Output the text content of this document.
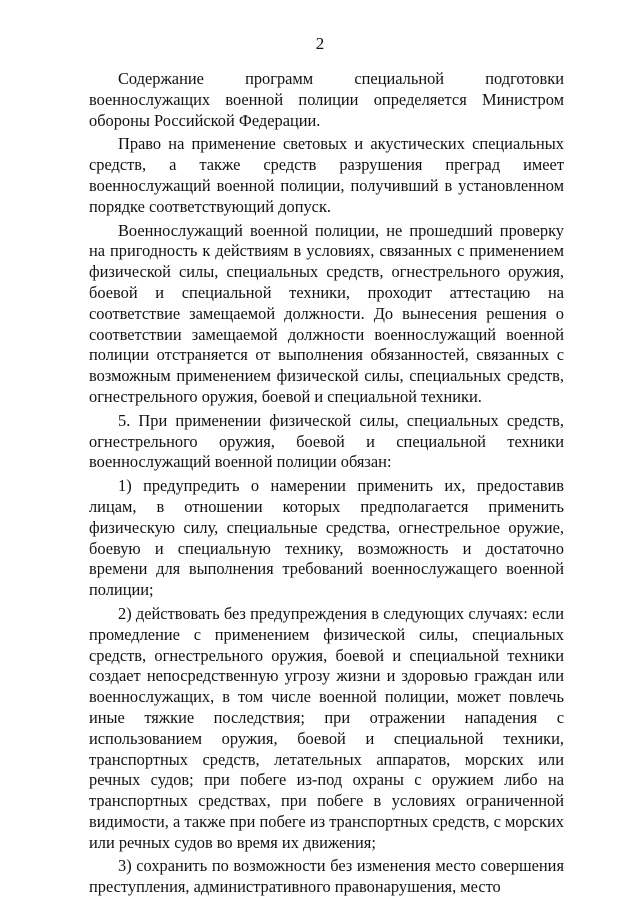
2

Содержание программ специальной подготовки военнослужащих военной полиции определяется Министром обороны Российской Федерации.

Право на применение световых и акустических специальных средств, а также средств разрушения преград имеет военнослужащий военной полиции, получивший в установленном порядке соответствующий допуск.

Военнослужащий военной полиции, не прошедший проверку на пригодность к действиям в условиях, связанных с применением физической силы, специальных средств, огнестрельного оружия, боевой и специальной техники, проходит аттестацию на соответствие замещаемой должности. До вынесения решения о соответствии замещаемой должности военнослужащий военной полиции отстраняется от выполнения обязанностей, связанных с возможным применением физической силы, специальных средств, огнестрельного оружия, боевой и специальной техники.

5. При применении физической силы, специальных средств, огнестрельного оружия, боевой и специальной техники военнослужащий военной полиции обязан:

1) предупредить о намерении применить их, предоставив лицам, в отношении которых предполагается применить физическую силу, специальные средства, огнестрельное оружие, боевую и специальную технику, возможность и достаточно времени для выполнения требований военнослужащего военной полиции;

2) действовать без предупреждения в следующих случаях: если промедление с применением физической силы, специальных средств, огнестрельного оружия, боевой и специальной техники создает непосредственную угрозу жизни и здоровью граждан или военнослужащих, в том числе военной полиции, может повлечь иные тяжкие последствия; при отражении нападения с использованием оружия, боевой и специальной техники, транспортных средств, летательных аппаратов, морских или речных судов; при побеге из-под охраны с оружием либо на транспортных средствах, при побеге в условиях ограниченной видимости, а также при побеге из транспортных средств, с морских или речных судов во время их движения;

3) сохранить по возможности без изменения место совершения преступления, административного правонарушения, место
